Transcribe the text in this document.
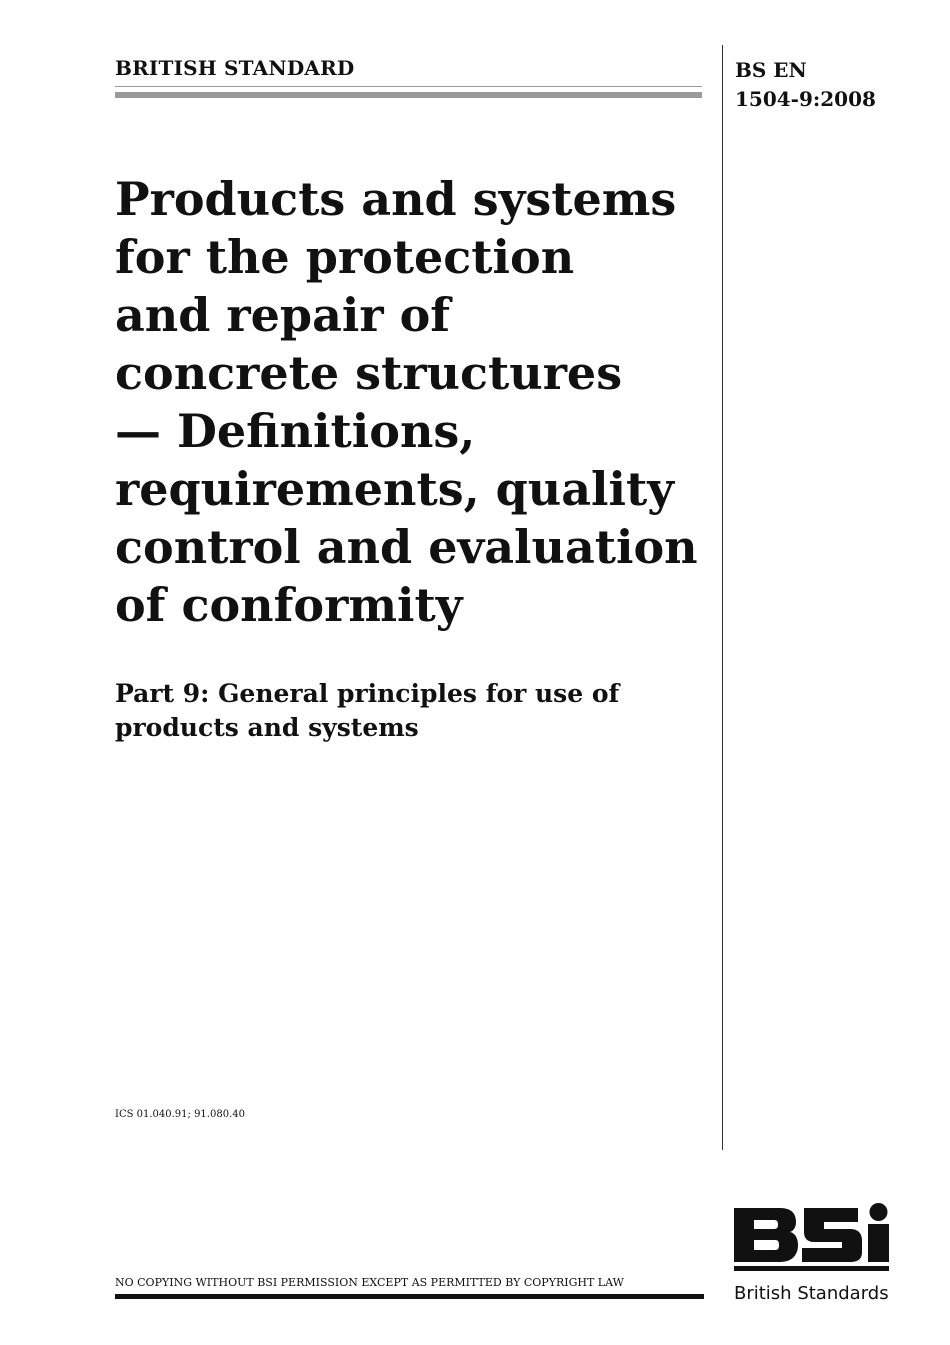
BRITISH STANDARD	BS EN
1504-9:2008
Products and systems
for the protection
and repair of
concrete structures
— Definitions,
requirements, quality
control and evaluation
of conformity
Part 9: General principles for use of products and systems
ICS 01.040.91; 91.080.40
NO COPYING WITHOUT BSI PERMISSION EXCEPT AS PERMITTED BY COPYRIGHT LAW
British Standards
